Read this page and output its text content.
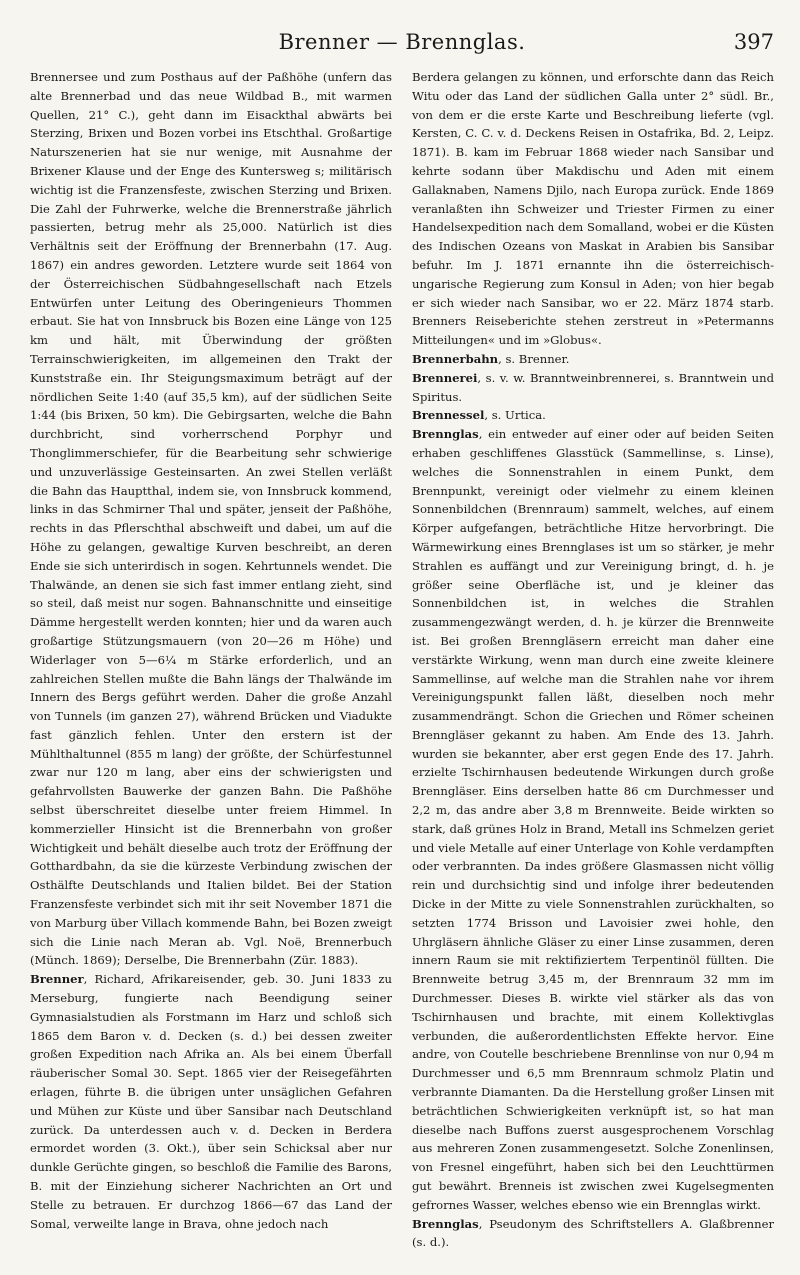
Brenner — Brennglas.	397

Brennersee und zum Posthaus auf der Paßhöhe (unfern das alte Brennerbad und das neue Wildbad B., mit warmen Quellen, 21° C.), geht dann im Eisackthal abwärts bei Sterzing, Brixen und Bozen vorbei ins Etschthal. Großartige Naturszenerien hat sie nur wenige, mit Ausnahme der Brixener Klause und der Enge des Kuntersweg s; militärisch wichtig ist die Franzensfeste, zwischen Sterzing und Brixen. Die Zahl der Fuhrwerke, welche die Brennerstraße jährlich passierten, betrug mehr als 25,000. Natürlich ist dies Verhältnis seit der Eröffnung der Brennerbahn (17. Aug. 1867) ein andres geworden. Letztere wurde seit 1864 von der Österreichischen Südbahngesellschaft nach Etzels Entwürfen unter Leitung des Oberingenieurs Thommen erbaut. Sie hat von Innsbruck bis Bozen eine Länge von 125 km und hält, mit Überwindung der größten Terrainschwierigkeiten, im allgemeinen den Trakt der Kunststraße ein. Ihr Steigungsmaximum beträgt auf der nördlichen Seite 1:40 (auf 35,5 km), auf der südlichen Seite 1:44 (bis Brixen, 50 km). Die Gebirgsarten, welche die Bahn durchbricht, sind vorherrschend Porphyr und Thonglimmerschiefer, für die Bearbeitung sehr schwierige und unzuverlässige Gesteinsarten. An zwei Stellen verläßt die Bahn das Hauptthal, indem sie, von Innsbruck kommend, links in das Schmirner Thal und später, jenseit der Paßhöhe, rechts in das Pflerschthal abschweift und dabei, um auf die Höhe zu gelangen, gewaltige Kurven beschreibt, an deren Ende sie sich unterirdisch in sogen. Kehrtunnels wendet. Die Thalwände, an denen sie sich fast immer entlang zieht, sind so steil, daß meist nur sogen. Bahnanschnitte und einseitige Dämme hergestellt werden konnten; hier und da waren auch großartige Stützungsmauern (von 20—26 m Höhe) und Widerlager von 5—6¼ m Stärke erforderlich, und an zahlreichen Stellen mußte die Bahn längs der Thalwände im Innern des Bergs geführt werden. Daher die große Anzahl von Tunnels (im ganzen 27), während Brücken und Viadukte fast gänzlich fehlen. Unter den erstern ist der Mühlthaltunnel (855 m lang) der größte, der Schürfestunnel zwar nur 120 m lang, aber eins der schwierigsten und gefahrvollsten Bauwerke der ganzen Bahn. Die Paßhöhe selbst überschreitet dieselbe unter freiem Himmel. In kommerzieller Hinsicht ist die Brennerbahn von großer Wichtigkeit und behält dieselbe auch trotz der Eröffnung der Gotthardbahn, da sie die kürzeste Verbindung zwischen der Osthälfte Deutschlands und Italien bildet. Bei der Station Franzensfeste verbindet sich mit ihr seit November 1871 die von Marburg über Villach kommende Bahn, bei Bozen zweigt sich die Linie nach Meran ab. Vgl. Noë, Brennerbuch (Münch. 1869); Derselbe, Die Brennerbahn (Zür. 1883).

Brenner, Richard, Afrikareisender, geb. 30. Juni 1833 zu Merseburg, fungierte nach Beendigung seiner Gymnasialstudien als Forstmann im Harz und schloß sich 1865 dem Baron v. d. Decken (s. d.) bei dessen zweiter großen Expedition nach Afrika an. Als bei einem Überfall räuberischer Somal 30. Sept. 1865 vier der Reisegefährten erlagen, führte B. die übrigen unter unsäglichen Gefahren und Mühen zur Küste und über Sansibar nach Deutschland zurück. Da unterdessen auch v. d. Decken in Berdera ermordet worden (3. Okt.), über sein Schicksal aber nur dunkle Gerüchte gingen, so beschloß die Familie des Barons, B. mit der Einziehung sicherer Nachrichten an Ort und Stelle zu betrauen. Er durchzog 1866—67 das Land der Somal, verweilte lange in Brava, ohne jedoch nach

Berdera gelangen zu können, und erforschte dann das Reich Witu oder das Land der südlichen Galla unter 2° südl. Br., von dem er die erste Karte und Beschreibung lieferte (vgl. Kersten, C. C. v. d. Deckens Reisen in Ostafrika, Bd. 2, Leipz. 1871). B. kam im Februar 1868 wieder nach Sansibar und kehrte sodann über Makdischu und Aden mit einem Gallaknaben, Namens Djilo, nach Europa zurück. Ende 1869 veranlaßten ihn Schweizer und Triester Firmen zu einer Handelsexpedition nach dem Somalland, wobei er die Küsten des Indischen Ozeans von Maskat in Arabien bis Sansibar befuhr. Im J. 1871 ernannte ihn die österreichisch-ungarische Regierung zum Konsul in Aden; von hier begab er sich wieder nach Sansibar, wo er 22. März 1874 starb. Brenners Reiseberichte stehen zerstreut in »Petermanns Mitteilungen« und im »Globus«.

Brennerbahn, s. Brenner.

Brennerei, s. v. w. Branntweinbrennerei, s. Branntwein und Spiritus.

Brennessel, s. Urtica.

Brennglas, ein entweder auf einer oder auf beiden Seiten erhaben geschliffenes Glasstück (Sammellinse, s. Linse), welches die Sonnenstrahlen in einem Punkt, dem Brennpunkt, vereinigt oder vielmehr zu einem kleinen Sonnenbildchen (Brennraum) sammelt, welches, auf einem Körper aufgefangen, beträchtliche Hitze hervorbringt. Die Wärmewirkung eines Brennglases ist um so stärker, je mehr Strahlen es auffängt und zur Vereinigung bringt, d. h. je größer seine Oberfläche ist, und je kleiner das Sonnenbildchen ist, in welches die Strahlen zusammengezwängt werden, d. h. je kürzer die Brennweite ist. Bei großen Brenngläsern erreicht man daher eine verstärkte Wirkung, wenn man durch eine zweite kleinere Sammellinse, auf welche man die Strahlen nahe vor ihrem Vereinigungspunkt fallen läßt, dieselben noch mehr zusammendrängt. Schon die Griechen und Römer scheinen Brenngläser gekannt zu haben. Am Ende des 13. Jahrh. wurden sie bekannter, aber erst gegen Ende des 17. Jahrh. erzielte Tschirnhausen bedeutende Wirkungen durch große Brenngläser. Eins derselben hatte 86 cm Durchmesser und 2,2 m, das andre aber 3,8 m Brennweite. Beide wirkten so stark, daß grünes Holz in Brand, Metall ins Schmelzen geriet und viele Metalle auf einer Unterlage von Kohle verdampften oder verbrannten. Da indes größere Glasmassen nicht völlig rein und durchsichtig sind und infolge ihrer bedeutenden Dicke in der Mitte zu viele Sonnenstrahlen zurückhalten, so setzten 1774 Brisson und Lavoisier zwei hohle, den Uhrgläsern ähnliche Gläser zu einer Linse zusammen, deren innern Raum sie mit rektifiziertem Terpentinöl füllten. Die Brennweite betrug 3,45 m, der Brennraum 32 mm im Durchmesser. Dieses B. wirkte viel stärker als das von Tschirnhausen und brachte, mit einem Kollektivglas verbunden, die außerordentlichsten Effekte hervor. Eine andre, von Coutelle beschriebene Brennlinse von nur 0,94 m Durchmesser und 6,5 mm Brennraum schmolz Platin und verbrannte Diamanten. Da die Herstellung großer Linsen mit beträchtlichen Schwierigkeiten verknüpft ist, so hat man dieselbe nach Buffons zuerst ausgesprochenem Vorschlag aus mehreren Zonen zusammengesetzt. Solche Zonenlinsen, von Fresnel eingeführt, haben sich bei den Leuchttürmen gut bewährt. Brenneis ist zwischen zwei Kugelsegmenten gefrornes Wasser, welches ebenso wie ein Brennglas wirkt.

Brennglas, Pseudonym des Schriftstellers A. Glaßbrenner (s. d.).
